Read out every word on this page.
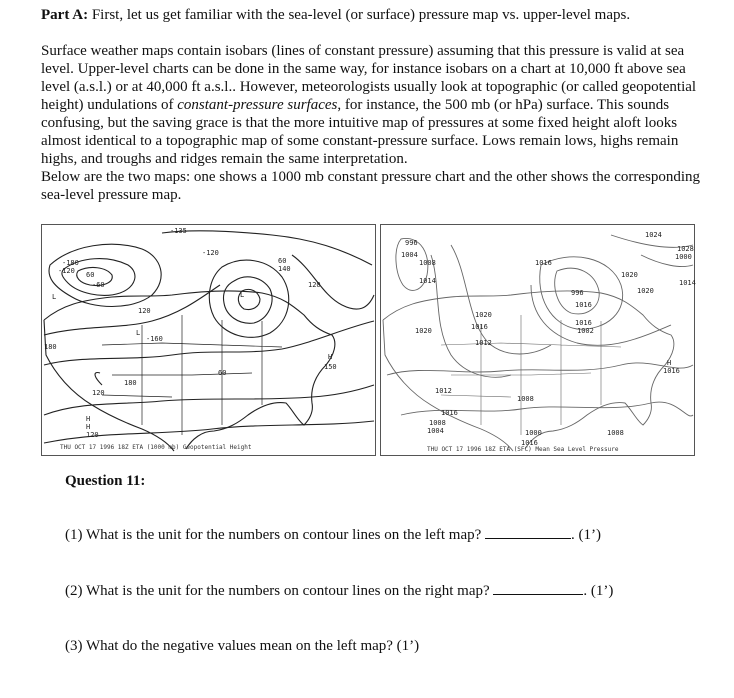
Part A: First, let us get familiar with the sea-level (or surface) pressure map vs. upper-level maps.

Surface weather maps contain isobars (lines of constant pressure) assuming that this pressure is valid at sea level. Upper-level charts can be done in the same way, for instance isobars on a chart at 10,000 ft above sea level (a.s.l.) or at 40,000 ft a.s.l.. However, meteorologists usually look at topographic (or called geopotential height) undulations of constant-pressure surfaces, for instance, the 500 mb (or hPa) surface. This sounds confusing, but the saving grace is that the more intuitive map of pressures at some fixed height aloft looks almost identical to a topographic map of some constant-pressure surface. Lows remain lows, highs remain highs, and troughs and ridges remain the same interpretation.

Below are the two maps: one shows a 1000 mb constant pressure chart and the other shows the corresponding sea-level pressure map.

-135
-180
-120 60
-60
L
-120
120
60
140
L
120
L
60
-160
180
H
180
120
H
150
H
120
THU OCT 17 1996 18Z ETA (1000 mb) Geopotential Height
996
1004
1008
1014
1016
1024
1020
1028
1000
996
1020
1016
1012
1020
1016
1016
1002
1014
1012
1008
1000	1008
1020
1016
H
1016
1008
1004
1016
THU OCT 17 1996 18Z ETA (SFC) Mean Sea Level Pressure
Question 11:
(1) What is the unit for the numbers on contour lines on the left map?	. (1’)
(2) What is the unit for the numbers on contour lines on the right map?	. (1’)
(3) What do the negative values mean on the left map? (1’)
